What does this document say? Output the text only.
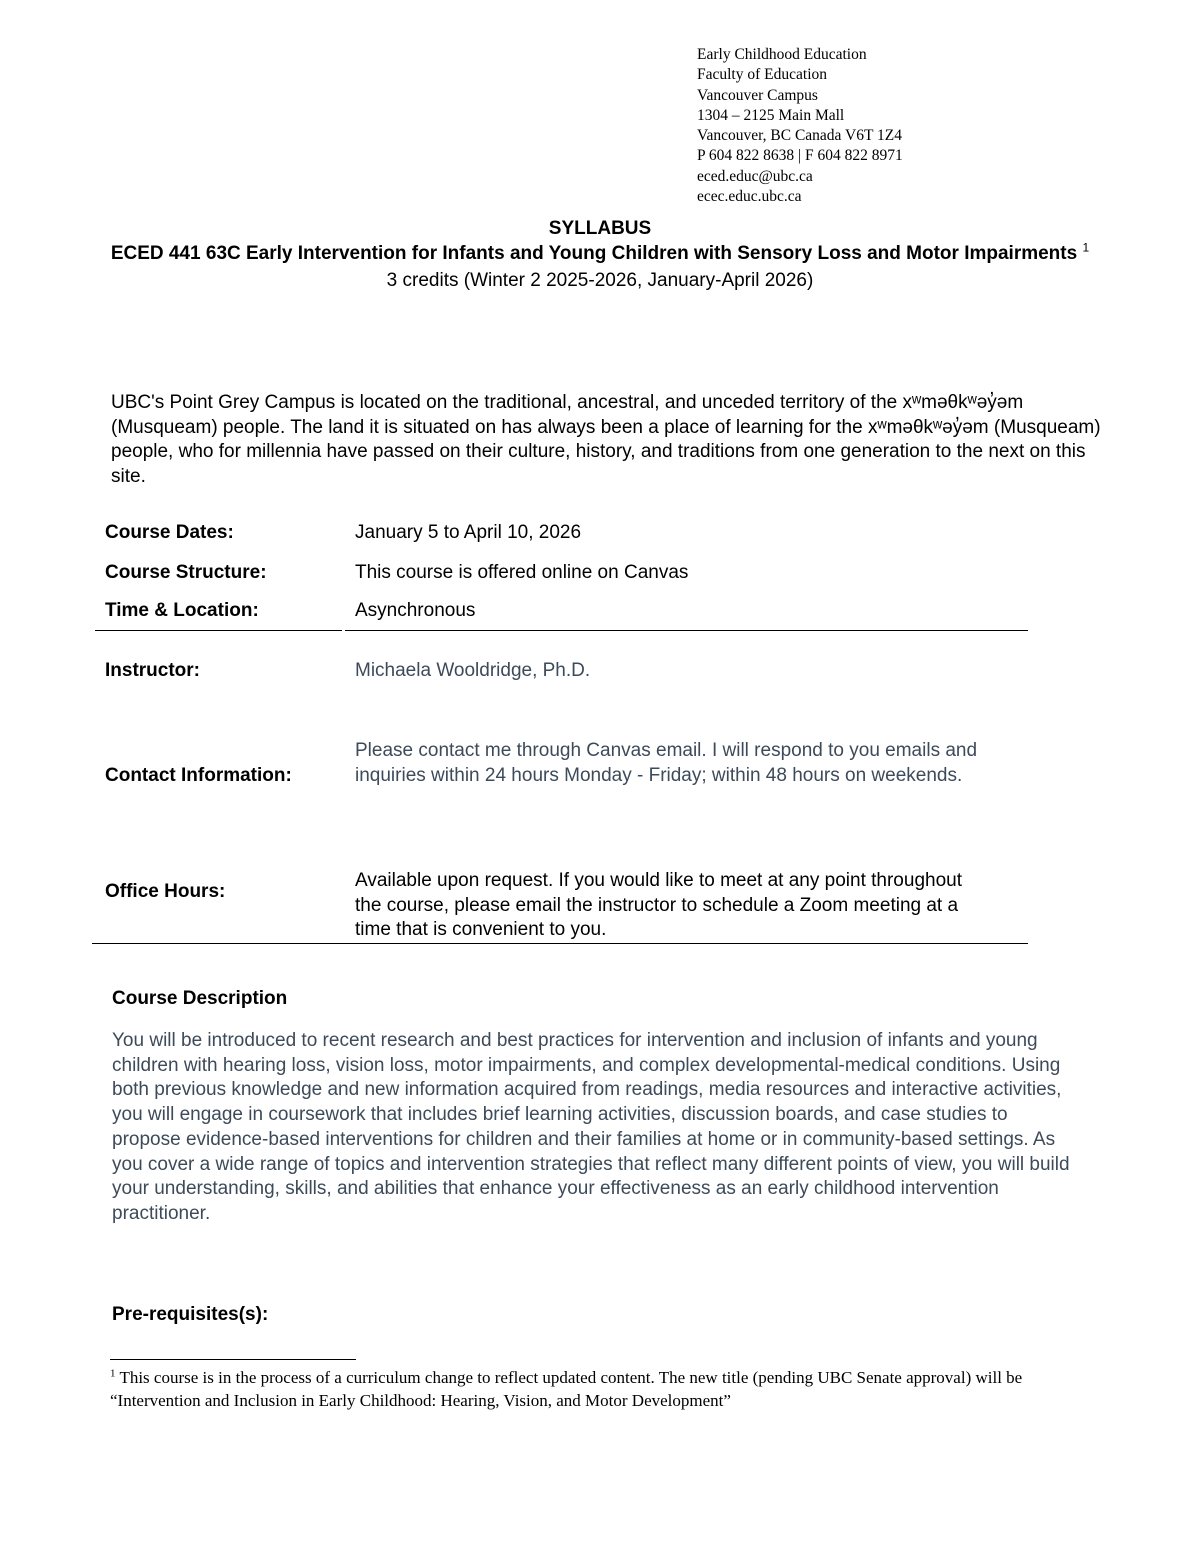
Early Childhood Education
Faculty of Education
Vancouver Campus
1304 – 2125 Main Mall
Vancouver, BC Canada V6T 1Z4
P 604 822 8638 | F 604 822 8971
eced.educ@ubc.ca
ecec.educ.ubc.ca
SYLLABUS
ECED 441 63C Early Intervention for Infants and Young Children with Sensory Loss and Motor Impairments $^1$
3 credits (Winter 2 2025-2026, January-April 2026)
UBC's Point Grey Campus is located on the traditional, ancestral, and unceded territory of the xʷməθkʷəy̓əm (Musqueam) people. The land it is situated on has always been a place of learning for the xʷməθkʷəy̓əm (Musqueam) people, who for millennia have passed on their culture, history, and traditions from one generation to the next on this site.
Course Dates:	January 5 to April 10, 2026
Course Structure:	This course is offered online on Canvas
Time & Location:	Asynchronous
Instructor:	Michaela Wooldridge, Ph.D.
Contact Information:
Please contact me through Canvas email. I will respond to you emails and inquiries within 24 hours Monday - Friday; within 48 hours on weekends.
Office Hours:
Available upon request. If you would like to meet at any point throughout the course, please email the instructor to schedule a Zoom meeting at a time that is convenient to you.
Course Description
You will be introduced to recent research and best practices for intervention and inclusion of infants and young children with hearing loss, vision loss, motor impairments, and complex developmental-medical conditions. Using both previous knowledge and new information acquired from readings, media resources and interactive activities, you will engage in coursework that includes brief learning activities, discussion boards, and case studies to propose evidence-based interventions for children and their families at home or in community-based settings. As you cover a wide range of topics and intervention strategies that reflect many different points of view, you will build your understanding, skills, and abilities that enhance your effectiveness as an early childhood intervention practitioner.
Pre-requisites(s):
$^1$ This course is in the process of a curriculum change to reflect updated content. The new title (pending UBC Senate approval) will be “Intervention and Inclusion in Early Childhood: Hearing, Vision, and Motor Development”
